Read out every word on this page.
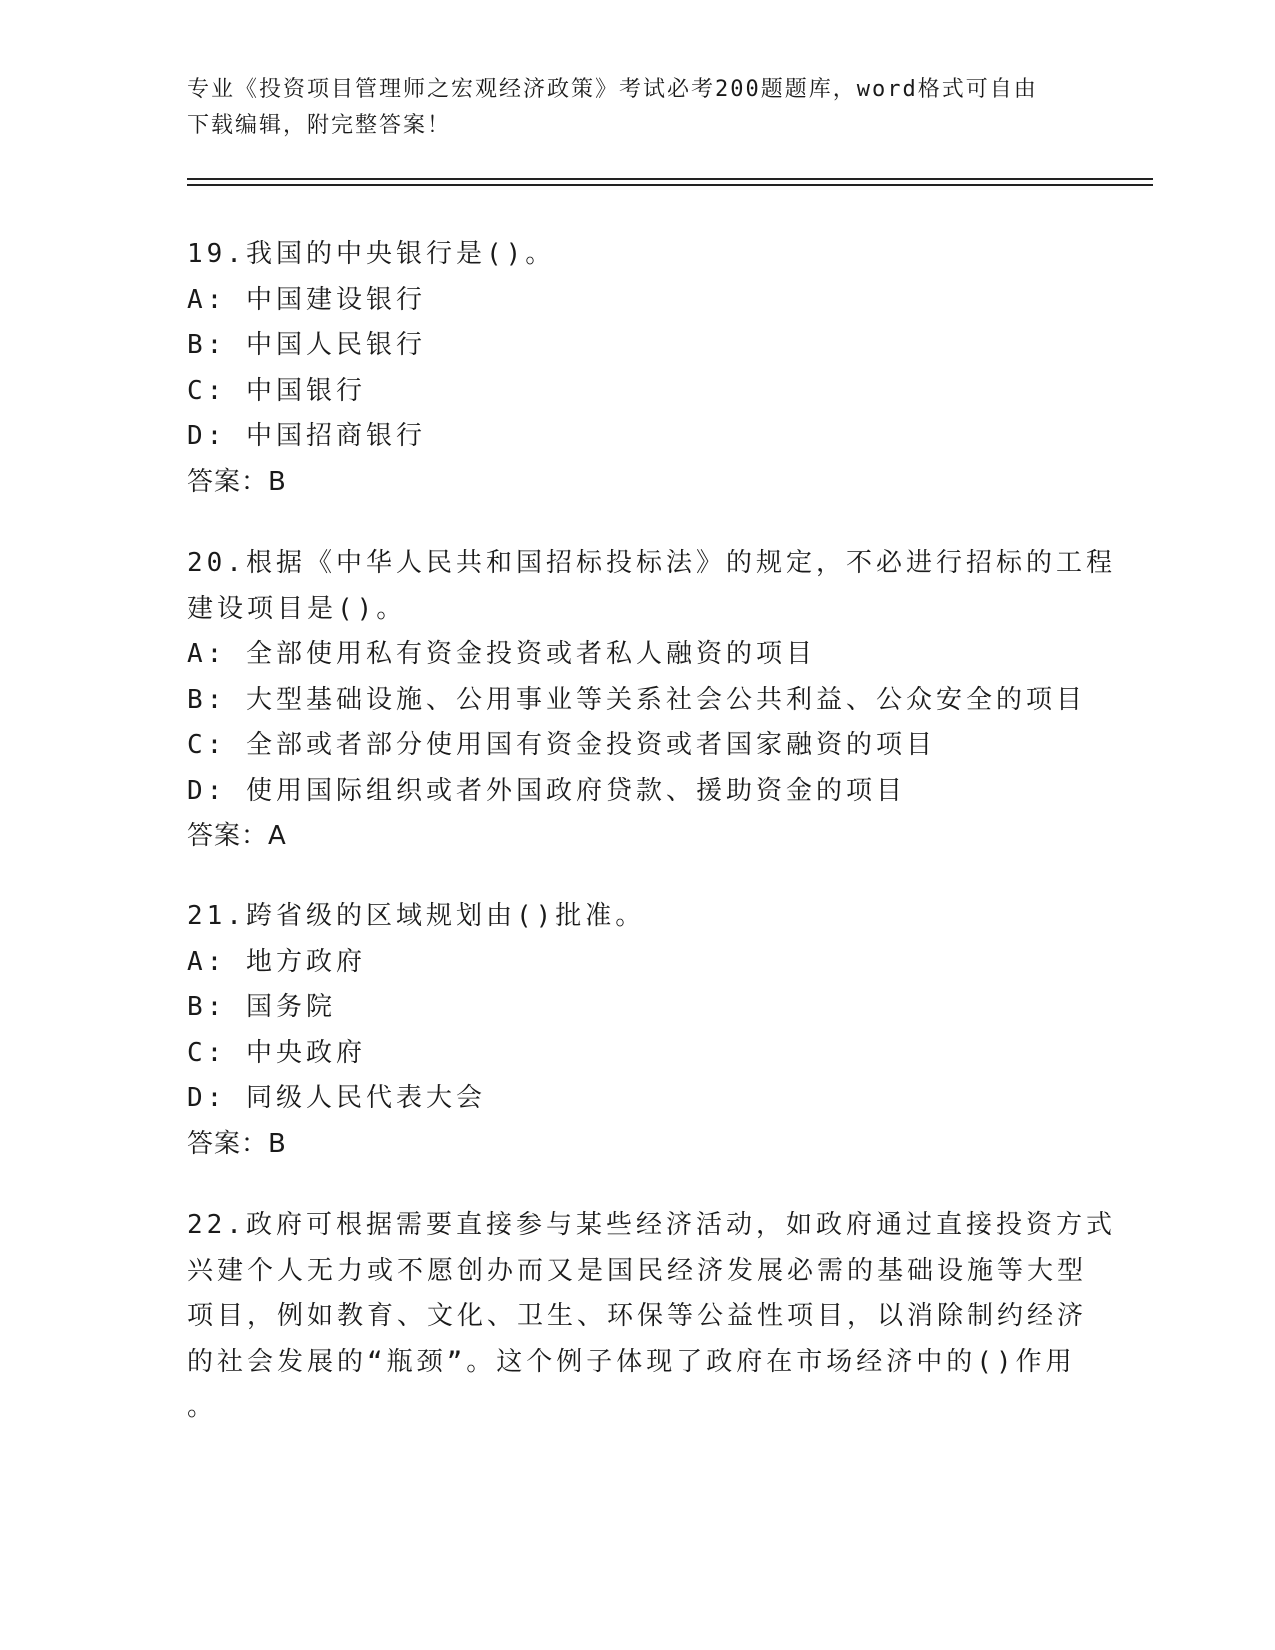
专业《投资项目管理师之宏观经济政策》考试必考200题题库，word格式可自由
下载编辑，附完整答案！
19.我国的中央银行是()。
A: 中国建设银行
B: 中国人民银行
C: 中国银行
D: 中国招商银行
答案：B
20.根据《中华人民共和国招标投标法》的规定，不必进行招标的工程
建设项目是()。
A: 全部使用私有资金投资或者私人融资的项目
B: 大型基础设施、公用事业等关系社会公共利益、公众安全的项目
C: 全部或者部分使用国有资金投资或者国家融资的项目
D: 使用国际组织或者外国政府贷款、援助资金的项目
答案：A
21.跨省级的区域规划由()批准。
A: 地方政府
B: 国务院
C: 中央政府
D: 同级人民代表大会
答案：B
22.政府可根据需要直接参与某些经济活动，如政府通过直接投资方式
兴建个人无力或不愿创办而又是国民经济发展必需的基础设施等大型
项目，例如教育、文化、卫生、环保等公益性项目，以消除制约经济
的社会发展的“瓶颈”。这个例子体现了政府在市场经济中的()作用
。
